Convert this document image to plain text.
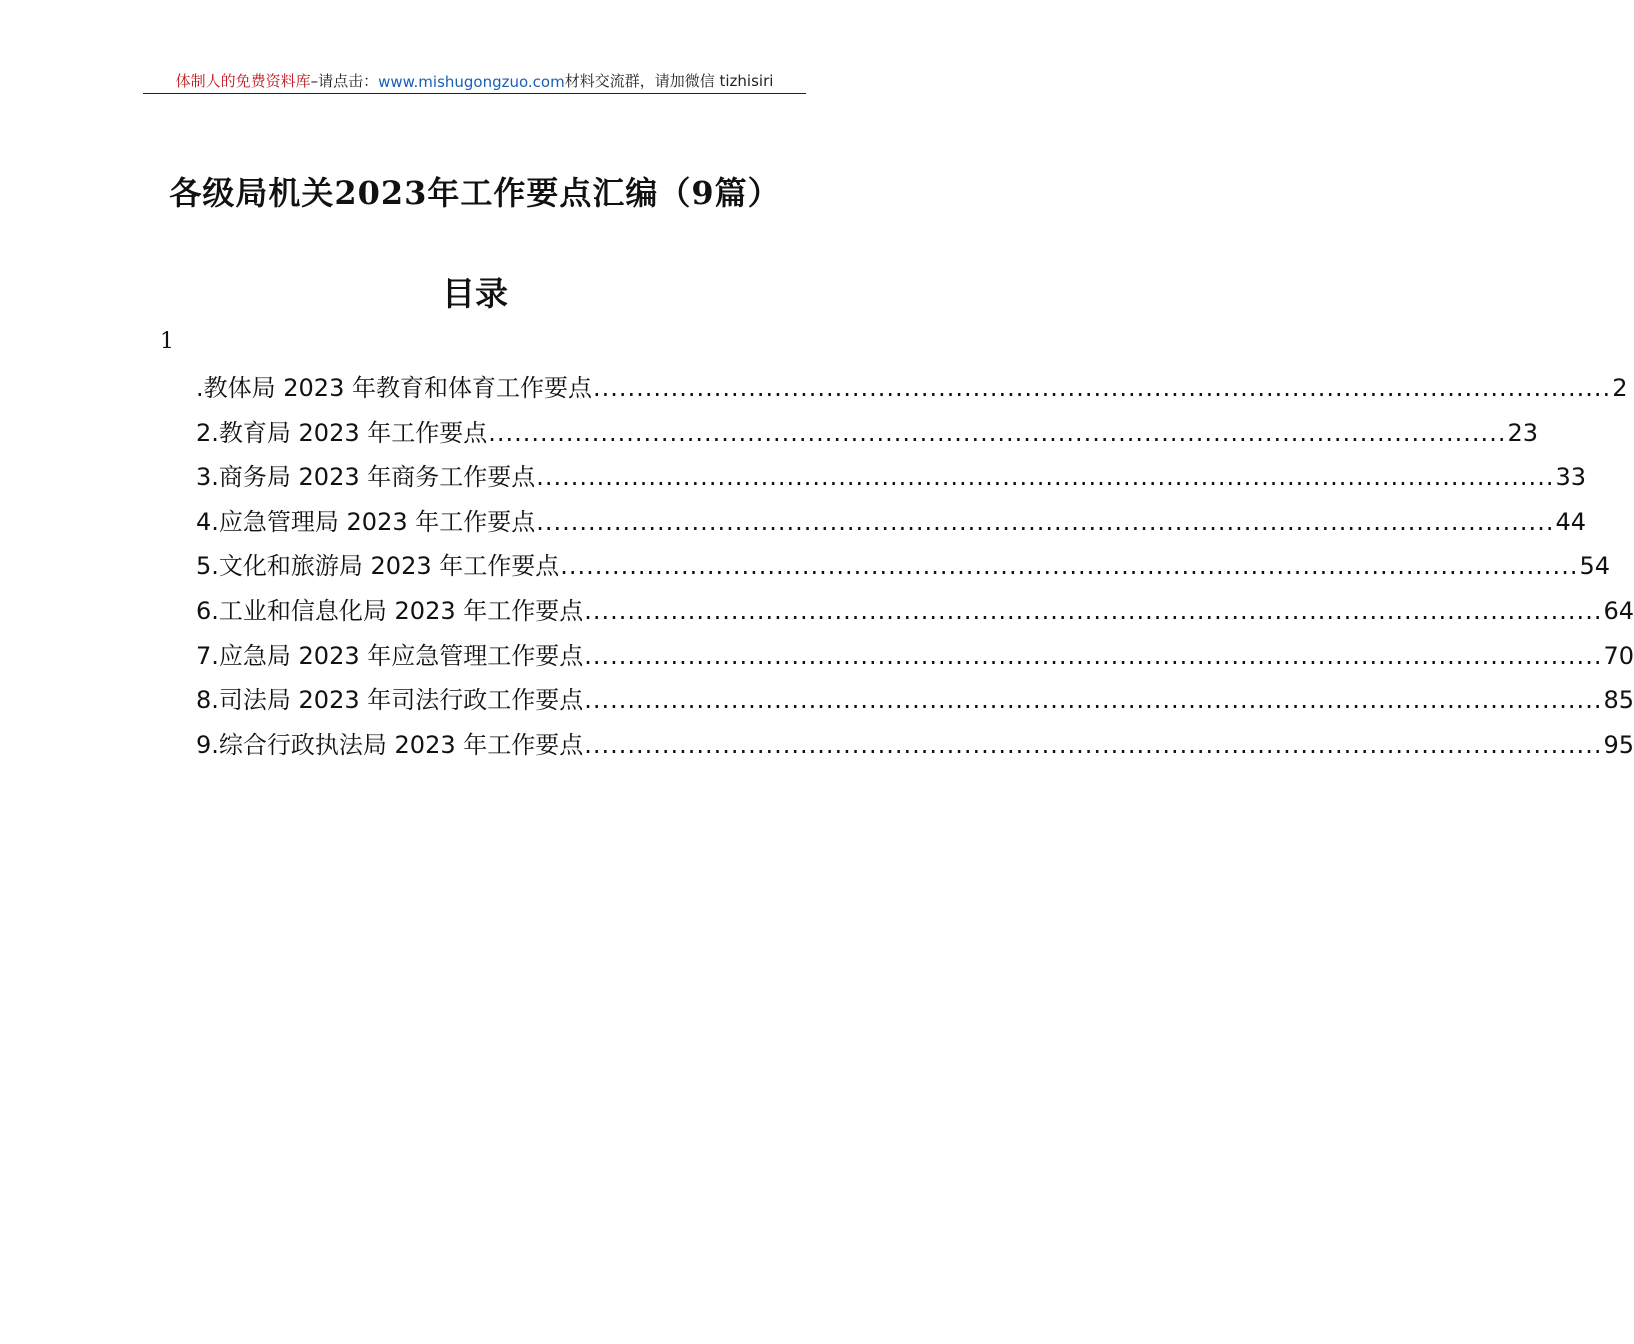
体制人的免费资料库 –请点击： www.mishugongzuo.com 材料交流群，请加微信 tizhisiri
各级局机关2023年工作要点汇编（9篇）
目录
1
.教体局 2023 年教育和体育工作要点 ...................................................................................................................... 2
2.教育局 2023 年工作要点 ...................................................................................................................... 23
3.商务局 2023 年商务工作要点 ...................................................................................................................... 33
4.应急管理局 2023 年工作要点 ...................................................................................................................... 44
5.文化和旅游局 2023 年工作要点 ...................................................................................................................... 54
6.工业和信息化局 2023 年工作要点 ...................................................................................................................... 64
7.应急局 2023 年应急管理工作要点 ...................................................................................................................... 70
8.司法局 2023 年司法行政工作要点 ...................................................................................................................... 85
9.综合行政执法局 2023 年工作要点 ...................................................................................................................... 95
